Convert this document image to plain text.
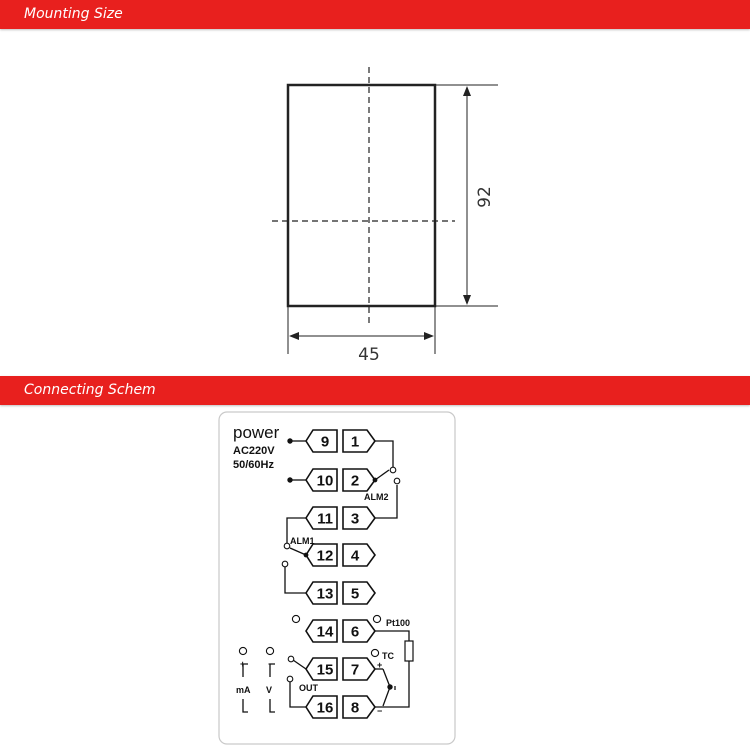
Mounting Size
Connecting Schem
92
45
power
AC220V
50/60Hz
ALM2
ALM1
Pt100
TC
OUT
mA V
+	−	+
−
9 1
10 2
11 3
12 4
13 5
14 6
15 7
16 8
